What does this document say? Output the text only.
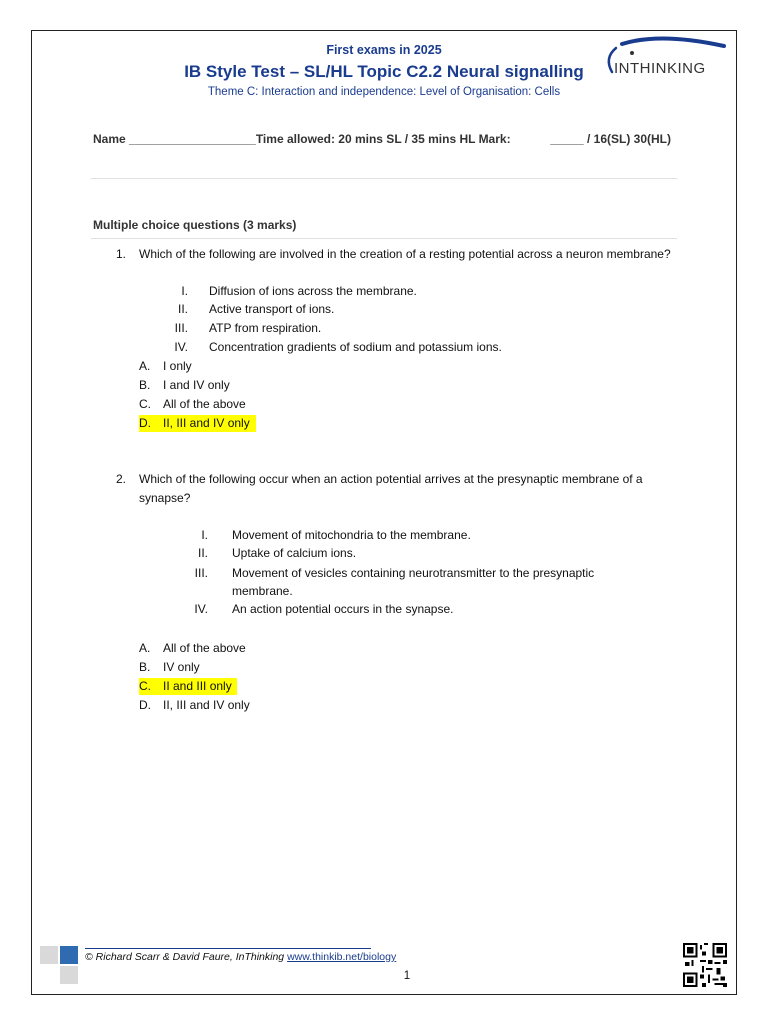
First exams in 2025
IB Style Test – SL/HL Topic C2.2 Neural signalling
Theme C: Interaction and independence: Level of Organisation: Cells
INTHINKING
Name ___________________Time allowed: 20 mins SL / 35 mins HL Mark:	_____ / 16(SL) 30(HL)
Multiple choice questions (3 marks)
1. Which of the following are involved in the creation of a resting potential across a neuron membrane?
I. Diffusion of ions across the membrane.
II. Active transport of ions.
III. ATP from respiration.
IV. Concentration gradients of sodium and potassium ions.
A. I only
B. I and IV only
C. All of the above
D. II, III and IV only
2. Which of the following occur when an action potential arrives at the presynaptic membrane of a synapse?
I. Movement of mitochondria to the membrane.
II. Uptake of calcium ions.
III. Movement of vesicles containing neurotransmitter to the presynaptic
membrane.
IV. An action potential occurs in the synapse.
A. All of the above
B. IV only
C. II and III only
D. II, III and IV only
© Richard Scarr & David Faure, InThinking www.thinkib.net/biology
1
